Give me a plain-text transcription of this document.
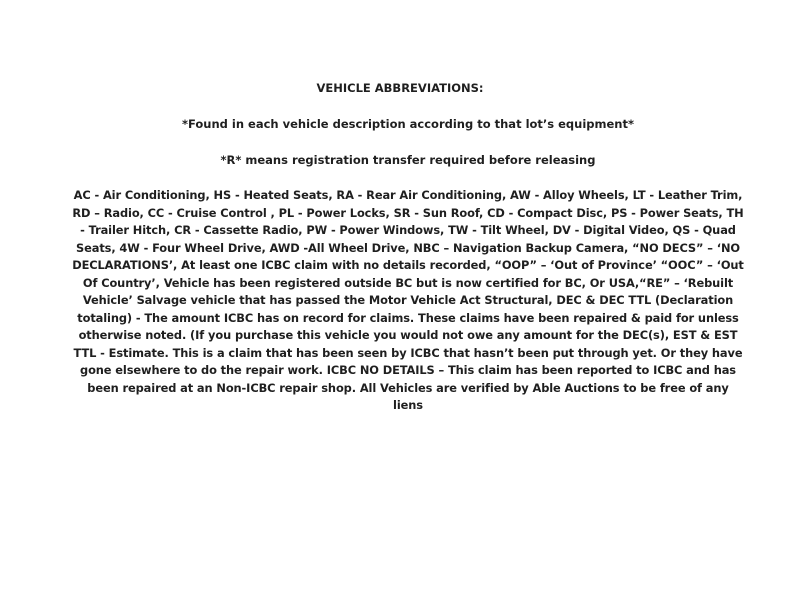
VEHICLE ABBREVIATIONS:
*Found in each vehicle description according to that lot’s equipment*
*R* means registration transfer required before releasing
AC - Air Conditioning, HS - Heated Seats, RA - Rear Air Conditioning, AW - Alloy Wheels, LT - Leather Trim, RD – Radio, CC - Cruise Control , PL - Power Locks, SR - Sun Roof, CD - Compact Disc, PS - Power Seats, TH - Trailer Hitch, CR - Cassette Radio, PW - Power Windows, TW - Tilt Wheel, DV - Digital Video, QS - Quad Seats, 4W - Four Wheel Drive, AWD -All Wheel Drive, NBC – Navigation Backup Camera, “NO DECS” – ‘NO DECLARATIONS’, At least one ICBC claim with no details recorded, “OOP” – ‘Out of Province’ “OOC” – ‘Out Of Country’, Vehicle has been registered outside BC but is now certified for BC, Or USA,“RE” – ‘Rebuilt Vehicle’ Salvage vehicle that has passed the Motor Vehicle Act Structural, DEC & DEC TTL (Declaration totaling) - The amount ICBC has on record for claims. These claims have been repaired & paid for unless otherwise noted. (If you purchase this vehicle you would not owe any amount for the DEC(s), EST & EST TTL - Estimate. This is a claim that has been seen by ICBC that hasn’t been put through yet. Or they have gone elsewhere to do the repair work. ICBC NO DETAILS – This claim has been reported to ICBC and has been repaired at an Non-ICBC repair shop. All Vehicles are verified by Able Auctions to be free of any liens
